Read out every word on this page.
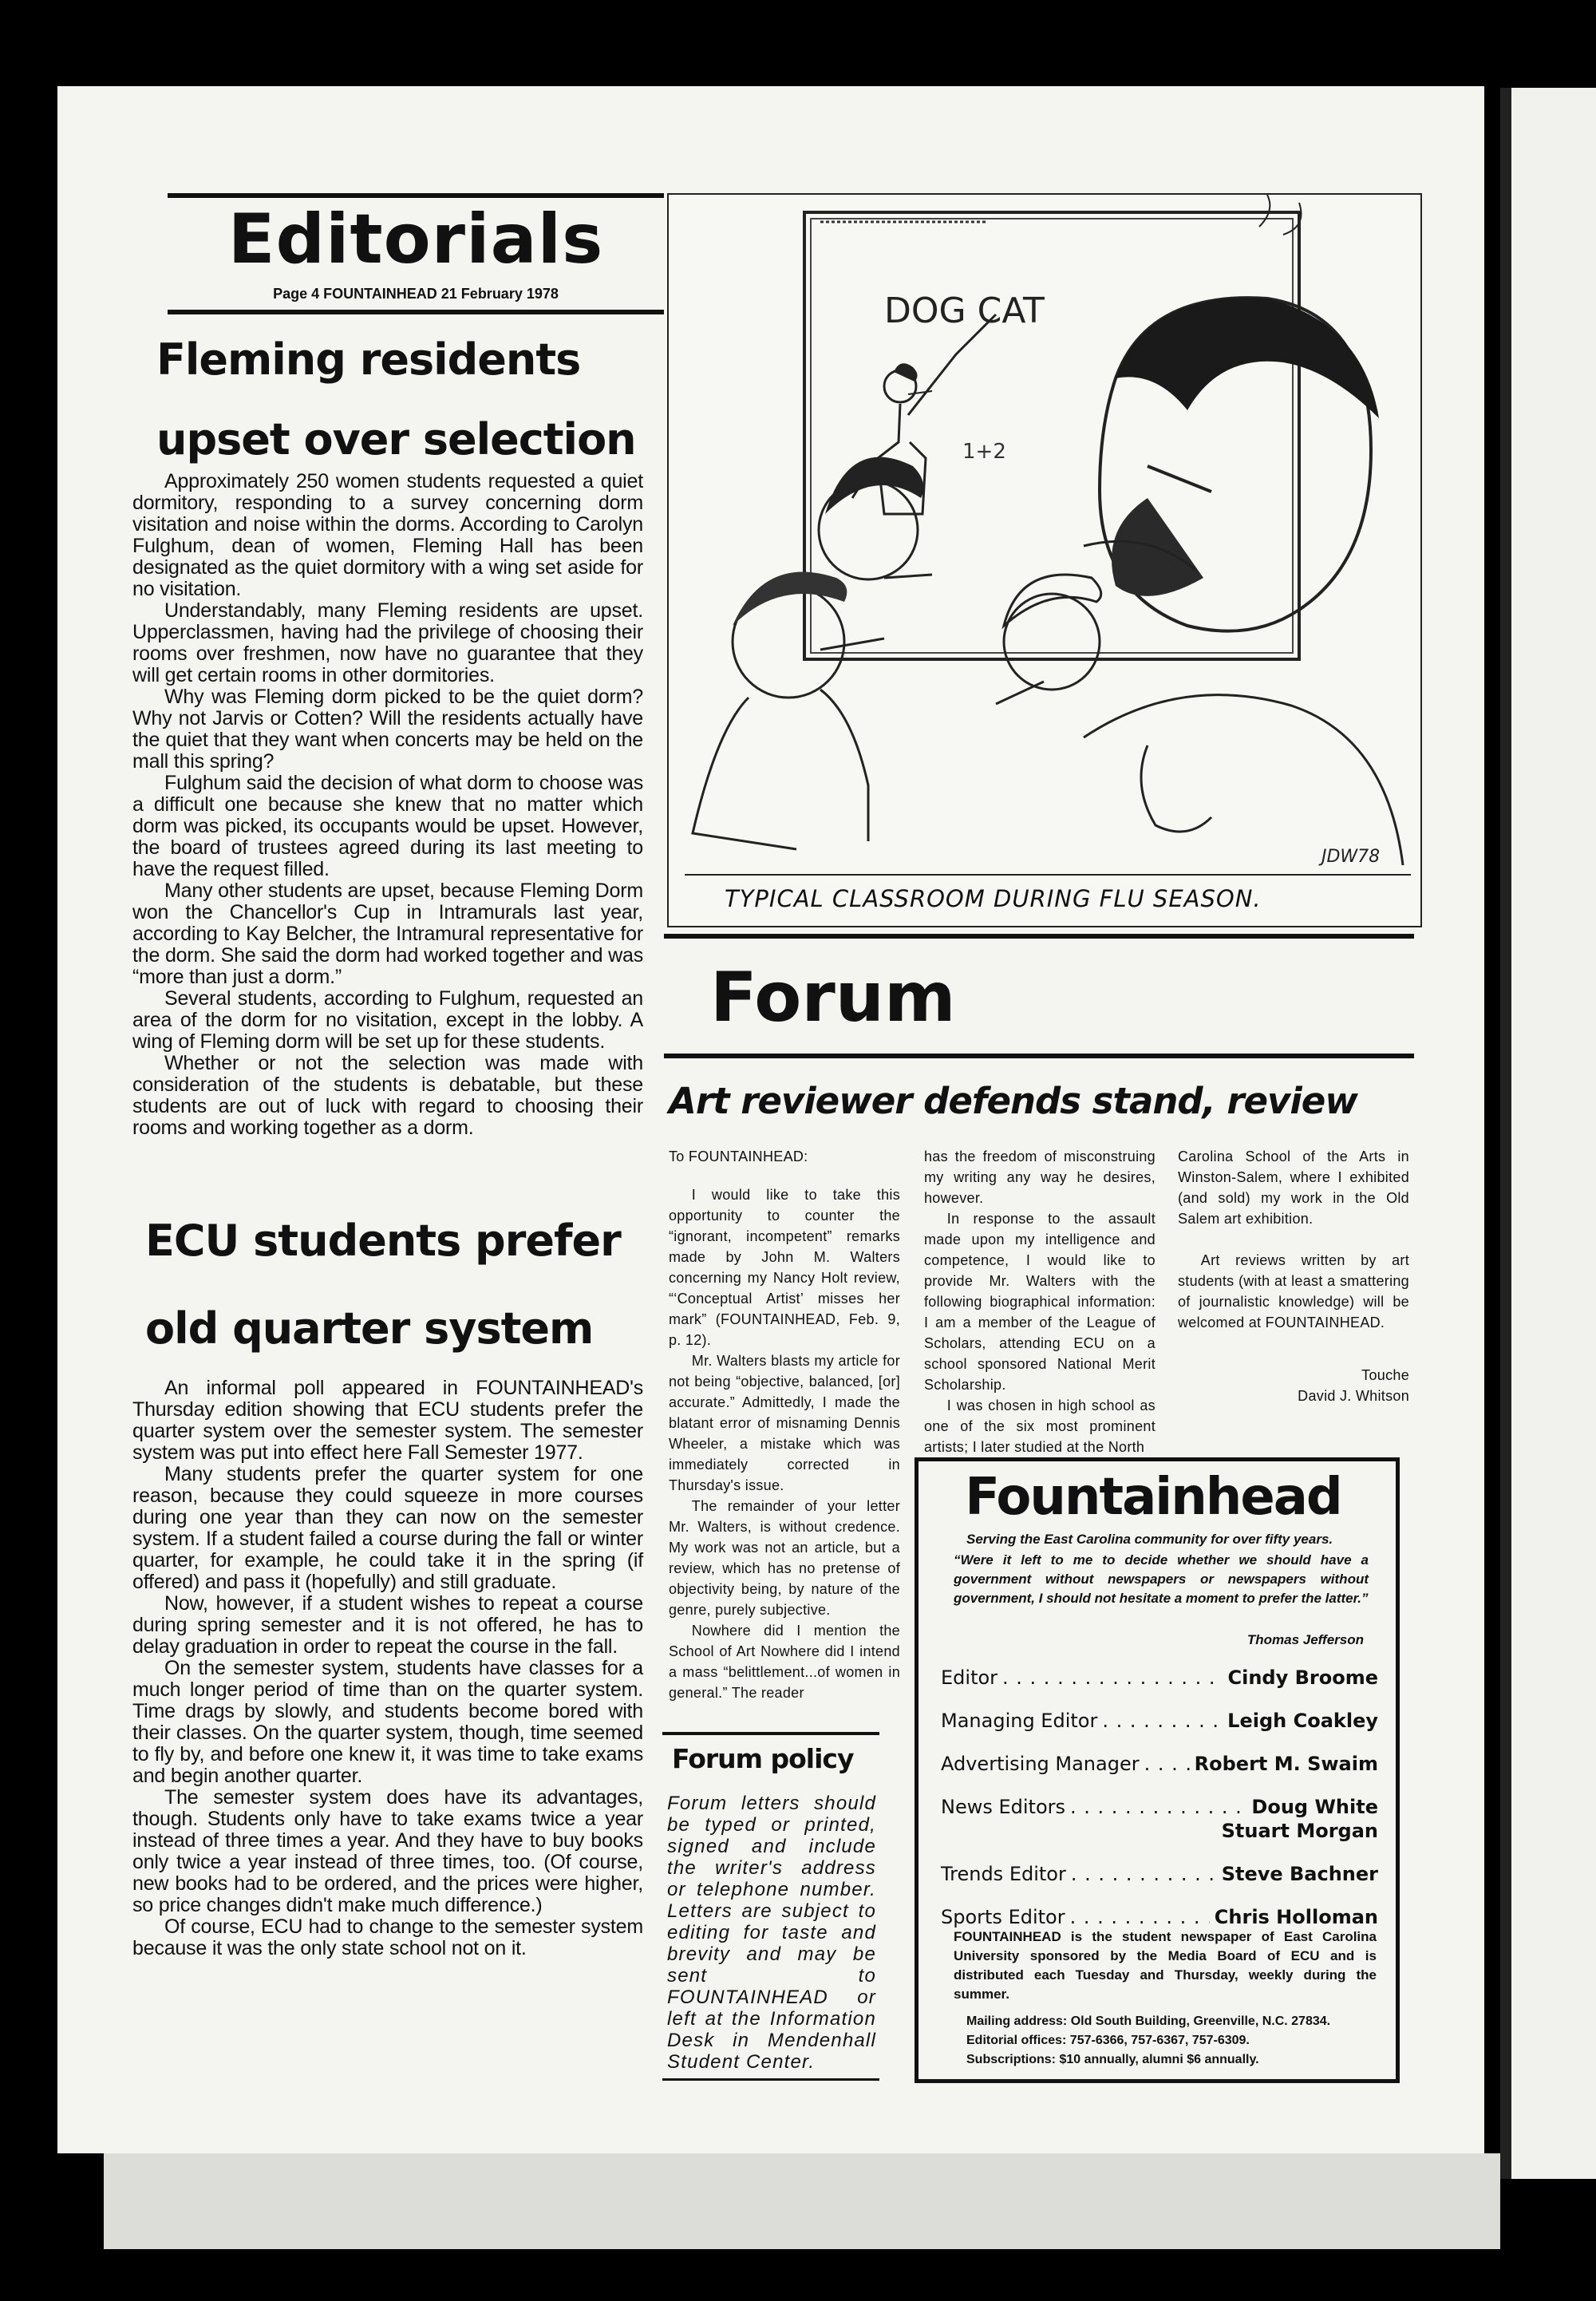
Editorials
Page 4 FOUNTAINHEAD 21 February 1978
Fleming residents
upset over selection

Approximately 250 women students requested a quiet dormitory, responding to a survey concerning dorm visitation and noise within the dorms. According to Carolyn Fulghum, dean of women, Fleming Hall has been designated as the quiet dormitory with a wing set aside for no visitation.

Understandably, many Fleming residents are upset. Upperclassmen, having had the privilege of choosing their rooms over freshmen, now have no guarantee that they will get certain rooms in other dormitories.

Why was Fleming dorm picked to be the quiet dorm? Why not Jarvis or Cotten? Will the residents actually have the quiet that they want when concerts may be held on the mall this spring?

Fulghum said the decision of what dorm to choose was a difficult one because she knew that no matter which dorm was picked, its occupants would be upset. However, the board of trustees agreed during its last meeting to have the request filled.

Many other students are upset, because Fleming Dorm won the Chancellor's Cup in Intramurals last year, according to Kay Belcher, the Intramural representative for the dorm. She said the dorm had worked together and was “more than just a dorm.”

Several students, according to Fulghum, requested an area of the dorm for no visitation, except in the lobby. A wing of Fleming dorm will be set up for these students.

Whether or not the selection was made with consideration of the students is debatable, but these students are out of luck with regard to choosing their rooms and working together as a dorm.

ECU students prefer
old quarter system

An informal poll appeared in FOUNTAINHEAD's Thursday edition showing that ECU students prefer the quarter system over the semester system. The semester system was put into effect here Fall Semester 1977.

Many students prefer the quarter system for one reason, because they could squeeze in more courses during one year than they can now on the semester system. If a student failed a course during the fall or winter quarter, for example, he could take it in the spring (if offered) and pass it (hopefully) and still graduate.

Now, however, if a student wishes to repeat a course during spring semester and it is not offered, he has to delay graduation in order to repeat the course in the fall.

On the semester system, students have classes for a much longer period of time than on the quarter system. Time drags by slowly, and students become bored with their classes. On the quarter system, though, time seemed to fly by, and before one knew it, it was time to take exams and begin another quarter.

The semester system does have its advantages, though. Students only have to take exams twice a year instead of three times a year. And they have to buy books only twice a year instead of three times, too. (Of course, new books had to be ordered, and the prices were higher, so price changes didn't make much difference.)

Of course, ECU had to change to the semester system because it was the only state school not on it.

DOG CAT
1+2
JDW78
TYPICAL CLASSROOM DURING FLU SEASON.
Forum
Art reviewer defends stand, review
To FOUNTAINHEAD:

I would like to take this opportunity to counter the “ignorant, incompetent” remarks made by John M. Walters concerning my Nancy Holt review, “‘Conceptual Artist’ misses her mark” (FOUNTAINHEAD, Feb. 9, p. 12).

Mr. Walters blasts my article for not being “objective, balanced, [or] accurate.” Admittedly, I made the blatant error of misnaming Dennis Wheeler, a mistake which was immediately corrected in Thursday's issue.

The remainder of your letter Mr. Walters, is without credence. My work was not an article, but a review, which has no pretense of objectivity being, by nature of the genre, purely subjective.

Nowhere did I mention the School of Art Nowhere did I intend a mass “belittlement...of women in general.” The reader

has the freedom of misconstruing my writing any way he desires, however.

In response to the assault made upon my intelligence and competence, I would like to provide Mr. Walters with the following biographical information: I am a member of the League of Scholars, attending ECU on a school sponsored National Merit Scholarship.

I was chosen in high school as one of the six most prominent artists; I later studied at the North

Carolina School of the Arts in Winston-Salem, where I exhibited (and sold) my work in the Old Salem art exhibition.

Art reviews written by art students (with at least a smattering of journalistic knowledge) will be welcomed at FOUNTAINHEAD.

Touche
David J. Whitson
Forum policy
Forum letters should be typed or printed, signed and include the writer's address or telephone number. Letters are subject to editing for taste and brevity and may be sent to FOUNTAINHEAD or left at the Information Desk in Mendenhall Student Center.
Fountainhead
Serving the East Carolina community for over fifty years.
“Were it left to me to decide whether we should have a government without newspapers or newspapers without government, I should not hesitate a moment to prefer the latter.”
Thomas Jefferson
Editor . . .	Cindy Broome
Managing Editor . . .	Leigh Coakley
Advertising Manager . . .	Robert M. Swaim
News Editors . . .	Doug White
Stuart Morgan
Trends Editor . . .	Steve Bachner
Sports Editor . . .	Chris Holloman
FOUNTAINHEAD is the student newspaper of East Carolina University sponsored by the Media Board of ECU and is distributed each Tuesday and Thursday, weekly during the summer.
Mailing address: Old South Building, Greenville, N.C. 27834.
Editorial offices: 757-6366, 757-6367, 757-6309.
Subscriptions: $10 annually, alumni $6 annually.
